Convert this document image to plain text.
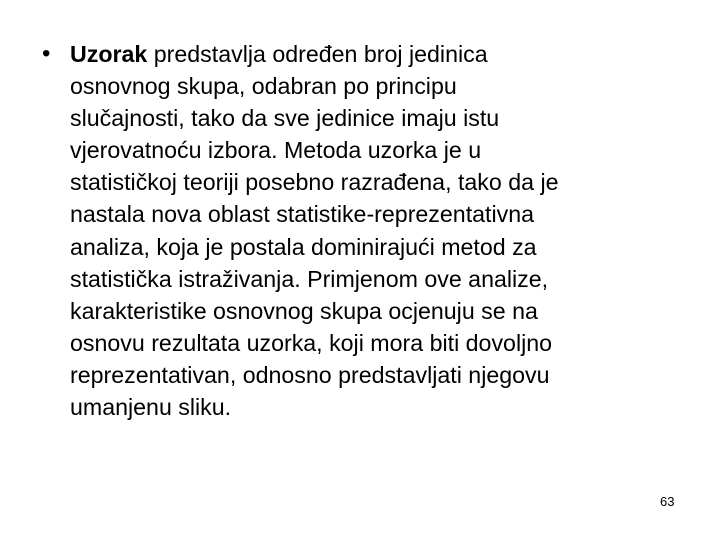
• Uzorak predstavlja određen broj jedinica
osnovnog skupa, odabran po principu
slučajnosti, tako da sve jedinice imaju istu
vjerovatnoću izbora. Metoda uzorka je u
statističkoj teoriji posebno razrađena, tako da je
nastala nova oblast statistike-reprezentativna
analiza, koja je postala dominirajući metod za
statistička istraživanja. Primjenom ove analize,
karakteristike osnovnog skupa ocjenuju se na
osnovu rezultata uzorka, koji mora biti dovoljno
reprezentativan, odnosno predstavljati njegovu
umanjenu sliku.
63
